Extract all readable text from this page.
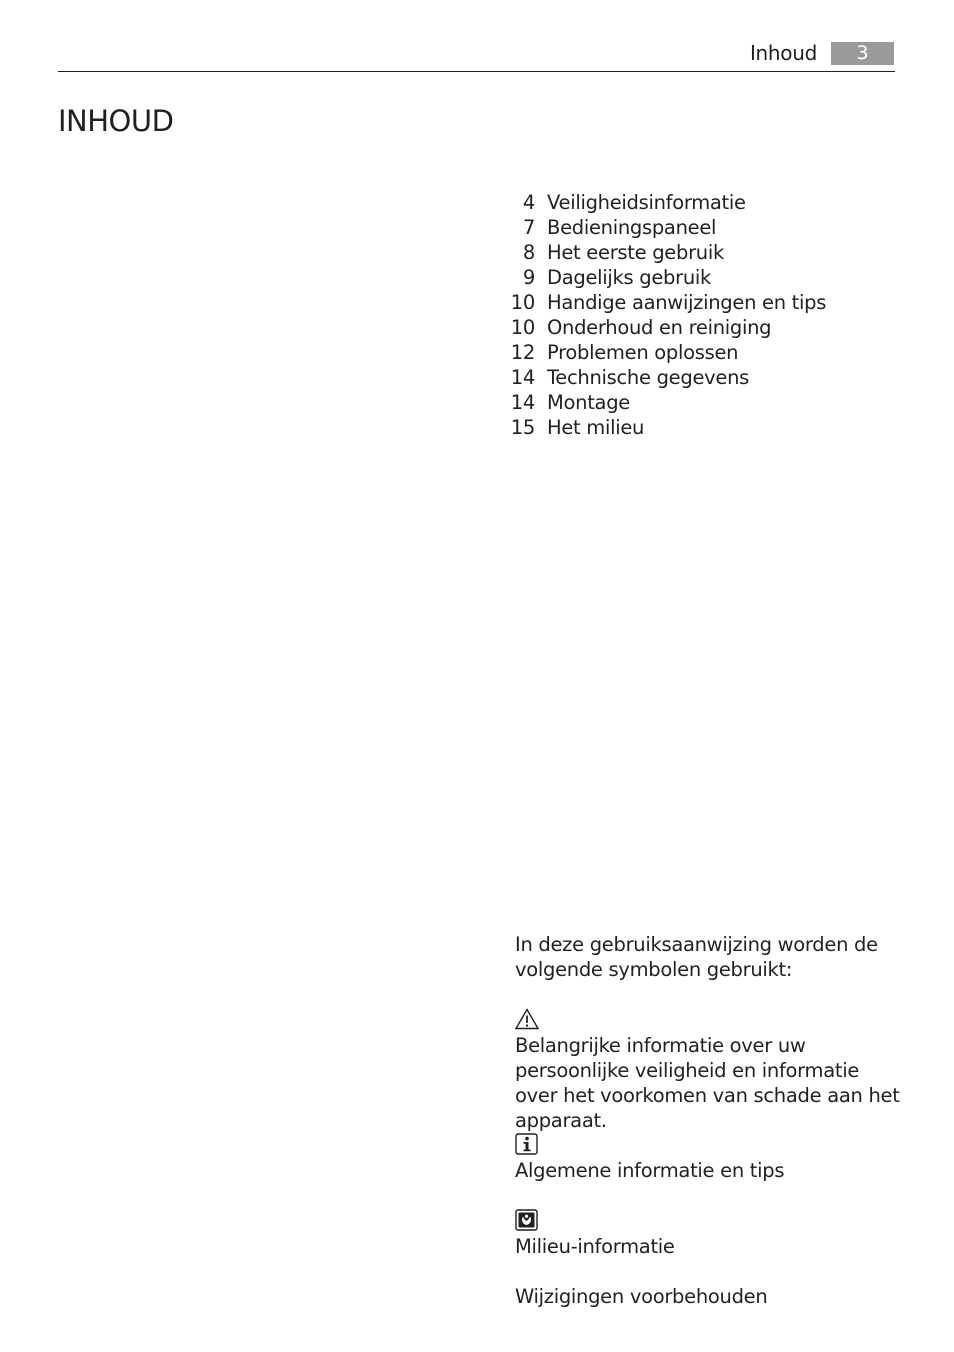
Inhoud	3
INHOUD
4 Veiligheidsinformatie
7 Bedieningspaneel
8 Het eerste gebruik
9 Dagelijks gebruik
10 Handige aanwijzingen en tips
10 Onderhoud en reiniging
12 Problemen oplossen
14 Technische gegevens
14 Montage
15 Het milieu
In deze gebruiksaanwijzing worden de volgende symbolen gebruikt:

Belangrijke informatie over uw persoonlijke veiligheid en informatie over het voorkomen van schade aan het apparaat.

Algemene informatie en tips

Milieu-informatie

Wijzigingen voorbehouden
